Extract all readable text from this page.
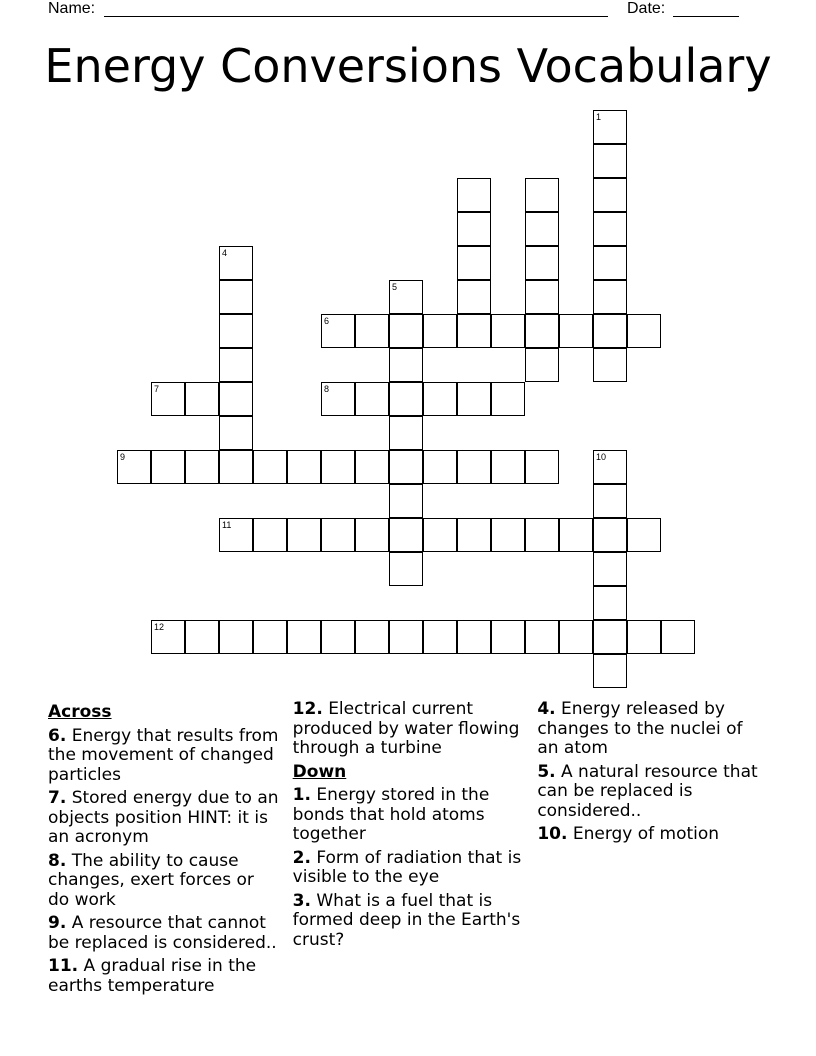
Name:	Date:
Energy Conversions Vocabulary
1
4
5
6
7	8
9	10
11
12
Across
6. Energy that results from the movement of changed particles
7. Stored energy due to an objects position HINT: it is an acronym
8. The ability to cause changes, exert forces or do work
9. A resource that cannot be replaced is considered..
11. A gradual rise in the earths temperature
12. Electrical current produced by water flowing through a turbine
Down
1. Energy stored in the bonds that hold atoms together
2. Form of radiation that is visible to the eye
3. What is a fuel that is formed deep in the Earth's crust?
4. Energy released by changes to the nuclei of an atom
5. A natural resource that can be replaced is considered..
10. Energy of motion
